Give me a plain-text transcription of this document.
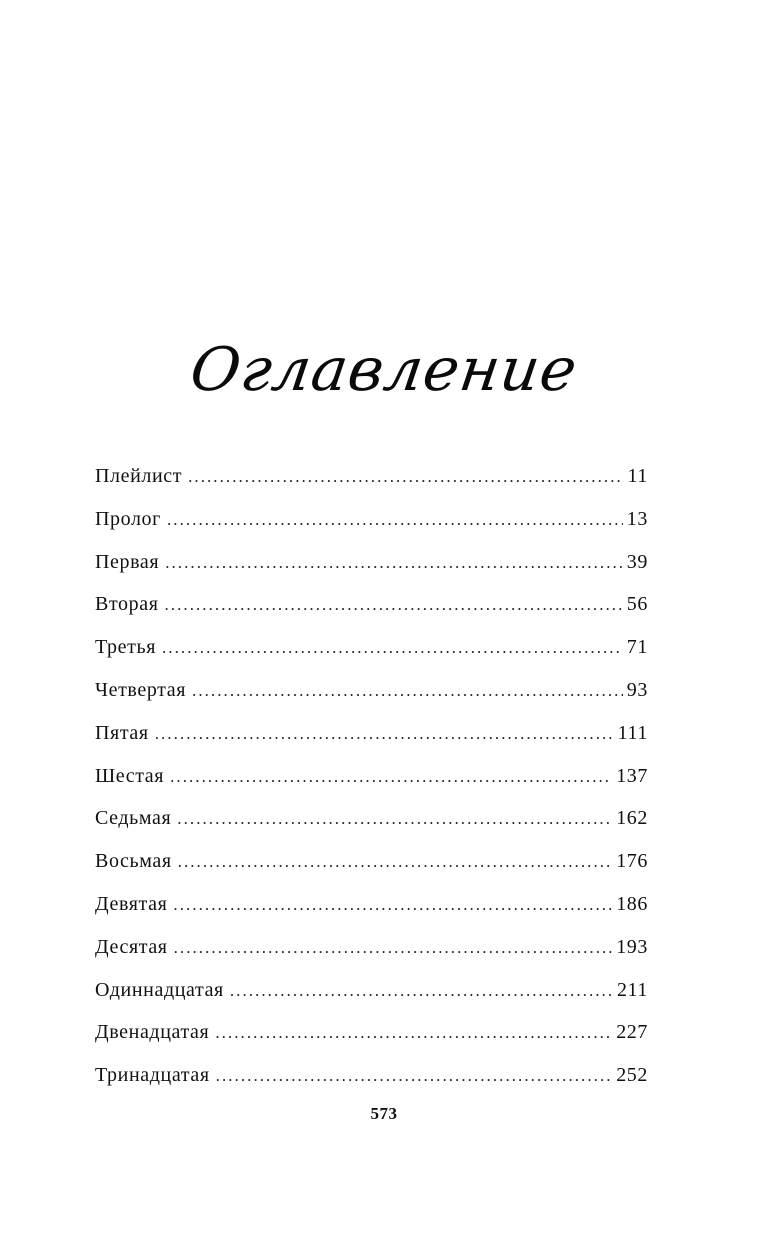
Оглавление
Плейлист . . .	11
Пролог . . .	13
Первая . . .	39
Вторая . . .	56
Третья . . .	71
Четвертая . . .	93
Пятая . . .	111
Шестая . . .	137
Седьмая . . .	162
Восьмая . . .	176
Девятая . . .	186
Десятая . . .	193
Одиннадцатая . . .	211
Двенадцатая . . .	227
Тринадцатая . . .	252
573
